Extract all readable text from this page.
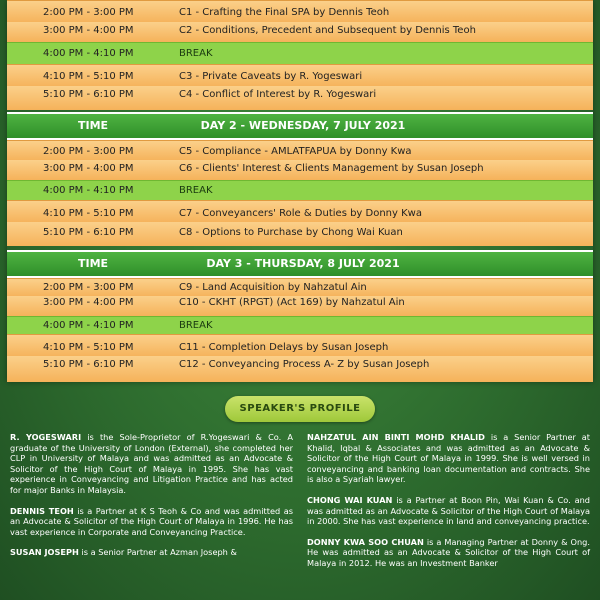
2:00 PM - 3:00 PM	C1 - Crafting the Final SPA by Dennis Teoh
3:00 PM - 4:00 PM	C2 - Conditions, Precedent and Subsequent by Dennis Teoh
4:00 PM - 4:10 PM	BREAK
4:10 PM - 5:10 PM	C3 - Private Caveats by R. Yogeswari
5:10 PM - 6:10 PM	C4 - Conflict of Interest by R. Yogeswari
TIME	DAY 2 - WEDNESDAY, 7 JULY 2021
2:00 PM - 3:00 PM	C5 - Compliance - AMLATFAPUA by Donny Kwa
3:00 PM - 4:00 PM	C6 - Clients' Interest & Clients Management by Susan Joseph
4:00 PM - 4:10 PM	BREAK
4:10 PM - 5:10 PM	C7 - Conveyancers' Role & Duties by Donny Kwa
5:10 PM - 6:10 PM	C8 - Options to Purchase by Chong Wai Kuan
TIME	DAY 3 - THURSDAY, 8 JULY 2021
2:00 PM - 3:00 PM	C9 - Land Acquisition by Nahzatul Ain
3:00 PM - 4:00 PM	C10 - CKHT (RPGT) (Act 169) by Nahzatul Ain
4:00 PM - 4:10 PM	BREAK
4:10 PM - 5:10 PM	C11 - Completion Delays by Susan Joseph
5:10 PM - 6:10 PM	C12 - Conveyancing Process A- Z by Susan Joseph
SPEAKER'S PROFILE

R. YOGESWARI is the Sole-Proprietor of R.Yogeswari & Co. A graduate of the University of London (External), she completed her CLP in University of Malaya and was admitted as an Advocate & Solicitor of the High Court of Malaya in 1995. She has vast experience in Conveyancing and Litigation Practice and has acted for major Banks in Malaysia.

DENNIS TEOH is a Partner at K S Teoh & Co and was admitted as an Advocate & Solicitor of the High Court of Malaya in 1996. He has vast experience in Corporate and Conveyancing Practice.

SUSAN JOSEPH is a Senior Partner at Azman Joseph &

NAHZATUL AIN BINTI MOHD KHALID is a Senior Partner at Khalid, Iqbal & Associates and was admitted as an Advocate & Solicitor of the High Court of Malaya in 1999. She is well versed in conveyancing and banking loan documentation and contracts. She is also a Syariah lawyer.

CHONG WAI KUAN is a Partner at Boon Pin, Wai Kuan & Co. and was admitted as an Advocate & Solicitor of the High Court of Malaya in 2000. She has vast experience in land and conveyancing practice.

DONNY KWA SOO CHUAN is a Managing Partner at Donny & Ong. He was admitted as an Advocate & Solicitor of the High Court of Malaya in 2012. He was an Investment Banker
